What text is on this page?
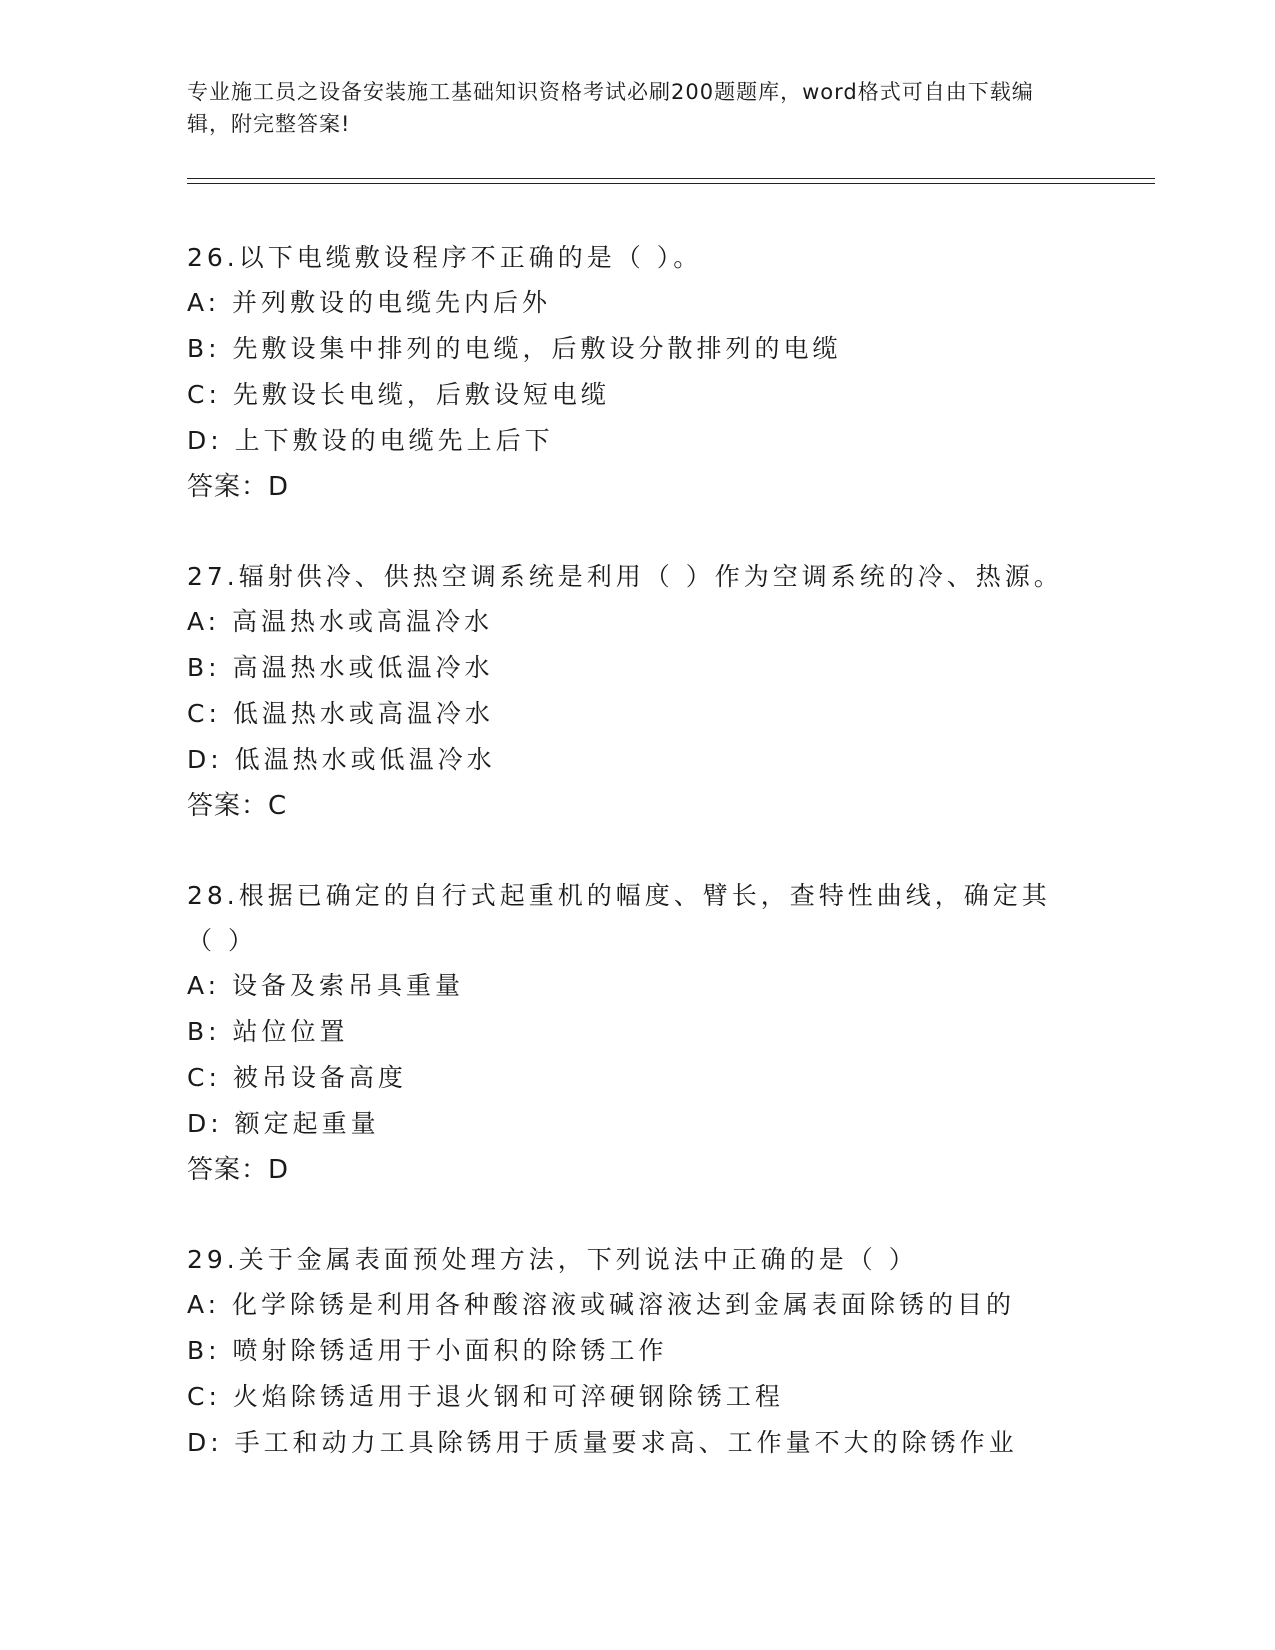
专业施工员之设备安装施工基础知识资格考试必刷200题题库，word格式可自由下载编辑，附完整答案!
26.以下电缆敷设程序不正确的是（ ）。
A: 并列敷设的电缆先内后外
B: 先敷设集中排列的电缆，后敷设分散排列的电缆
C: 先敷设长电缆，后敷设短电缆
D: 上下敷设的电缆先上后下
答案：D
27.辐射供冷、供热空调系统是利用（ ）作为空调系统的冷、热源。
A: 高温热水或高温冷水
B: 高温热水或低温冷水
C: 低温热水或高温冷水
D: 低温热水或低温冷水
答案：C
28.根据已确定的自行式起重机的幅度、臂长，查特性曲线，确定其（ ）
A: 设备及索吊具重量
B: 站位位置
C: 被吊设备高度
D: 额定起重量
答案：D
29.关于金属表面预处理方法，下列说法中正确的是（ ）
A: 化学除锈是利用各种酸溶液或碱溶液达到金属表面除锈的目的
B: 喷射除锈适用于小面积的除锈工作
C: 火焰除锈适用于退火钢和可淬硬钢除锈工程
D: 手工和动力工具除锈用于质量要求高、工作量不大的除锈作业
